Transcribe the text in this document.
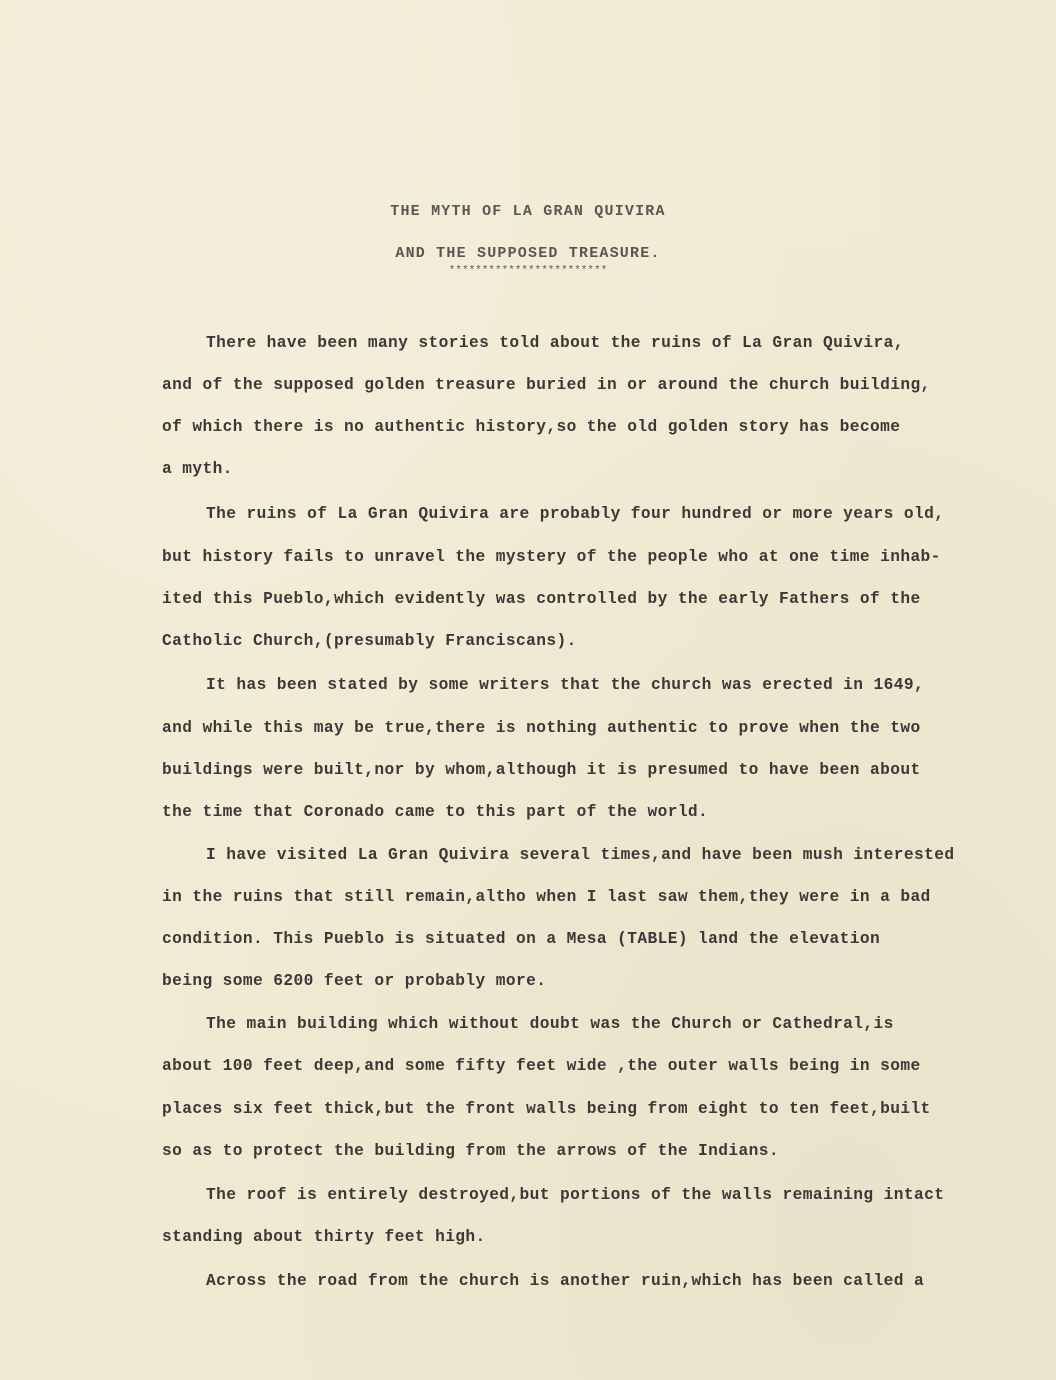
THE MYTH OF LA GRAN QUIVIRA
AND THE SUPPOSED TREASURE.
************************
There have been many stories told about the ruins of La Gran Quivira,
and of the supposed golden treasure buried in or around the church building,
of which there is no authentic history,so the old golden story has become
a myth.
The ruins of La Gran Quivira are probably four hundred or more years old,
but history fails to unravel the mystery of the people who at one time inhab-
ited this Pueblo,which evidently was controlled by the early Fathers of the
Catholic Church,(presumably Franciscans).
It has been stated by some writers that the church was erected in 1649,
and while this may be true,there is nothing authentic to prove when the two
buildings were built,nor by whom,although it is presumed to have been about
the time that Coronado came to this part of the world.
I have visited La Gran Quivira several times,and have been mush interested
in the ruins that still remain,altho when I last saw them,they were in a bad
condition. This Pueblo is situated on a Mesa (TABLE) land the elevation
being some 6200 feet or probably more.
The main building which without doubt was the Church or Cathedral,is
about 100 feet deep,and some fifty feet wide ,the outer walls being in some
places six feet thick,but the front walls being from eight to ten feet,built
so as to protect the building from the arrows of the Indians.
The roof is entirely destroyed,but portions of the walls remaining intact
standing about thirty feet high.
Across the road from the church is another ruin,which has been called a
